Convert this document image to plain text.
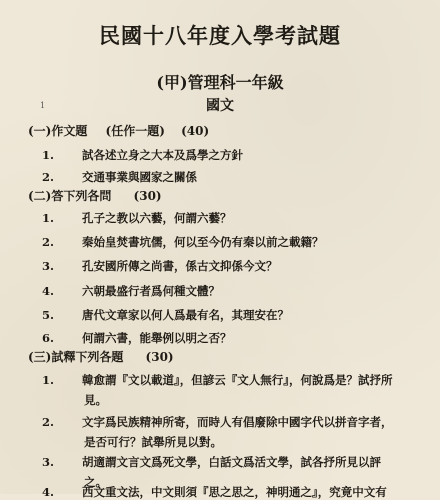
民國十八年度入學考試題
(甲)管理科一年級
1	國文
(一)作文題 (任作一題) (40)
1. 試各述立身之大本及爲學之方針
2. 交通事業與國家之關係
(二)答下列各問 (30)
1. 孔子之教以六藝，何謂六藝？
2. 秦始皇焚書坑儒，何以至今仍有秦以前之載籍？
3. 孔安國所傳之尚書，係古文抑係今文？
4. 六朝最盛行者爲何種文體？
5. 唐代文章家以何人爲最有名，其理安在？
6. 何謂六書，能舉例以明之否？
(三)試釋下列各題 (30)
1. 韓愈謂『文以載道』，但諺云『文人無行』，何說爲是？試抒所
見。
2. 文字爲民族精神所寄，而時人有倡廢除中國字代以拼音字者，
是否可行？試舉所見以對。
3. 胡適謂文言文爲死文學，白話文爲活文學，試各抒所見以評
之。
4. 西文重文法，中文則須『思之思之，神明通之』，究竟中文有
